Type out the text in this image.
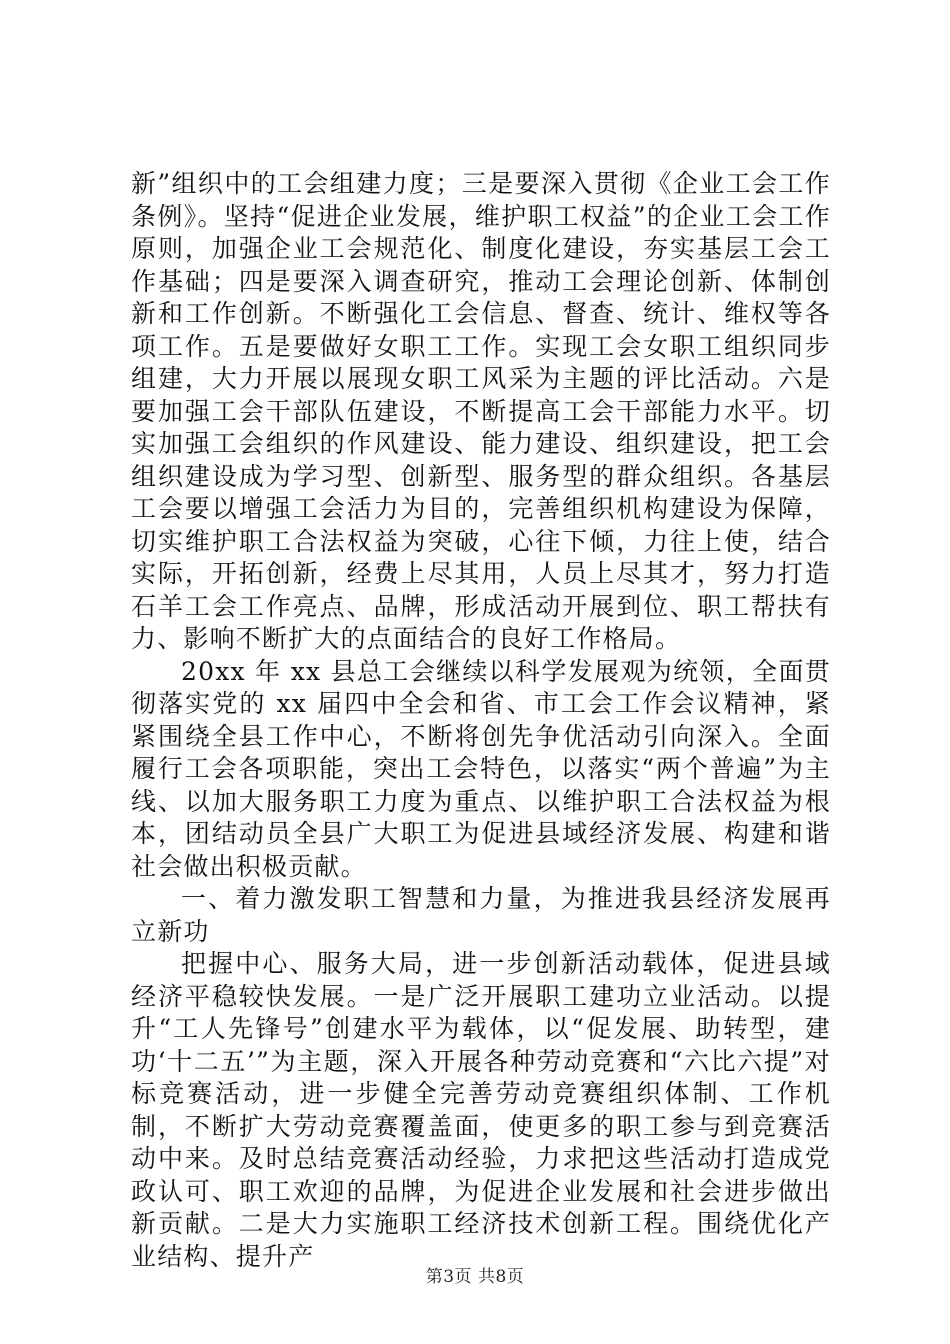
新”组织中的工会组建力度；三是要深入贯彻《企业工会工作条例》。坚持“促进企业发展，维护职工权益”的企业工会工作原则，加强企业工会规范化、制度化建设，夯实基层工会工作基础；四是要深入调查研究，推动工会理论创新、体制创新和工作创新。不断强化工会信息、督查、统计、维权等各项工作。五是要做好女职工工作。实现工会女职工组织同步组建，大力开展以展现女职工风采为主题的评比活动。六是要加强工会干部队伍建设，不断提高工会干部能力水平。切实加强工会组织的作风建设、能力建设、组织建设，把工会组织建设成为学习型、创新型、服务型的群众组织。各基层工会要以增强工会活力为目的，完善组织机构建设为保障，切实维护职工合法权益为突破，心往下倾，力往上使，结合实际，开拓创新，经费上尽其用，人员上尽其才，努力打造石羊工会工作亮点、品牌，形成活动开展到位、职工帮扶有力、影响不断扩大的点面结合的良好工作格局。

20xx 年 xx 县总工会继续以科学发展观为统领，全面贯彻落实党的 xx 届四中全会和省、市工会工作会议精神，紧紧围绕全县工作中心，不断将创先争优活动引向深入。全面履行工会各项职能，突出工会特色，以落实“两个普遍”为主线、以加大服务职工力度为重点、以维护职工合法权益为根本，团结动员全县广大职工为促进县域经济发展、构建和谐社会做出积极贡献。

一、着力激发职工智慧和力量，为推进我县经济发展再立新功

把握中心、服务大局，进一步创新活动载体，促进县域经济平稳较快发展。一是广泛开展职工建功立业活动。以提升“工人先锋号”创建水平为载体，以“促发展、助转型，建功‘十二五’”为主题，深入开展各种劳动竞赛和“六比六提”对标竞赛活动，进一步健全完善劳动竞赛组织体制、工作机制，不断扩大劳动竞赛覆盖面，使更多的职工参与到竞赛活动中来。及时总结竞赛活动经验，力求把这些活动打造成党政认可、职工欢迎的品牌，为促进企业发展和社会进步做出新贡献。二是大力实施职工经济技术创新工程。围绕优化产业结构、提升产

第3页 共8页
